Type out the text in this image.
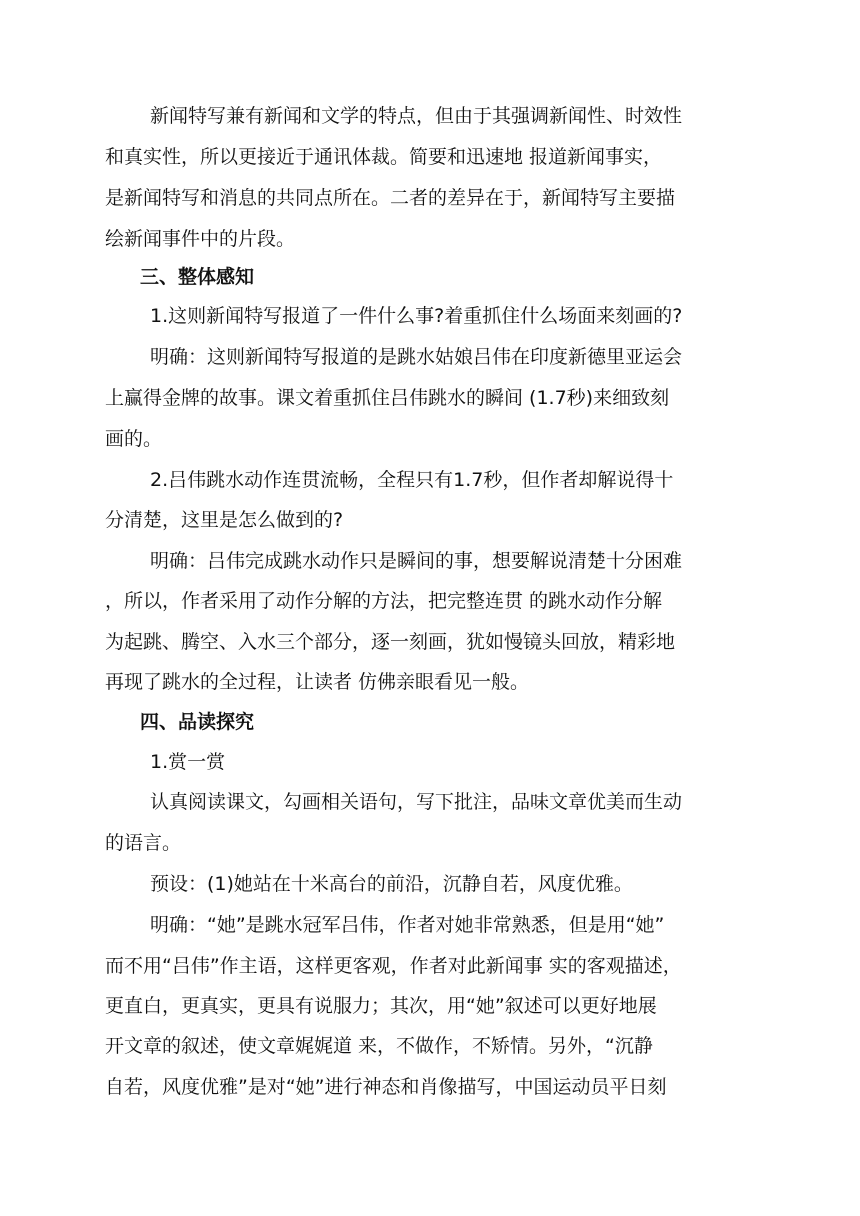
新闻特写兼有新闻和文学的特点，但由于其强调新闻性、时效性
和真实性，所以更接近于通讯体裁。简要和迅速地 报道新闻事实，
是新闻特写和消息的共同点所在。二者的差异在于，新闻特写主要描
绘新闻事件中的片段。
三、整体感知
1.这则新闻特写报道了一件什么事?着重抓住什么场面来刻画的?
明确：这则新闻特写报道的是跳水姑娘吕伟在印度新德里亚运会
上赢得金牌的故事。课文着重抓住吕伟跳水的瞬间 (1.7秒)来细致刻
画的。
2.吕伟跳水动作连贯流畅，全程只有1.7秒，但作者却解说得十
分清楚，这里是怎么做到的?
明确：吕伟完成跳水动作只是瞬间的事，想要解说清楚十分困难
，所以，作者采用了动作分解的方法，把完整连贯 的跳水动作分解
为起跳、腾空、入水三个部分，逐一刻画，犹如慢镜头回放，精彩地
再现了跳水的全过程，让读者 仿佛亲眼看见一般。
四、品读探究
1.赏一赏
认真阅读课文，勾画相关语句，写下批注，品味文章优美而生动
的语言。
预设：(1)她站在十米高台的前沿，沉静自若，风度优雅。
明确：“她”是跳水冠军吕伟，作者对她非常熟悉，但是用“她”
而不用“吕伟”作主语，这样更客观，作者对此新闻事 实的客观描述，
更直白，更真实，更具有说服力；其次，用“她”叙述可以更好地展
开文章的叙述，使文章娓娓道 来，不做作，不矫情。另外，“沉静
自若，风度优雅”是对“她”进行神态和肖像描写，中国运动员平日刻
